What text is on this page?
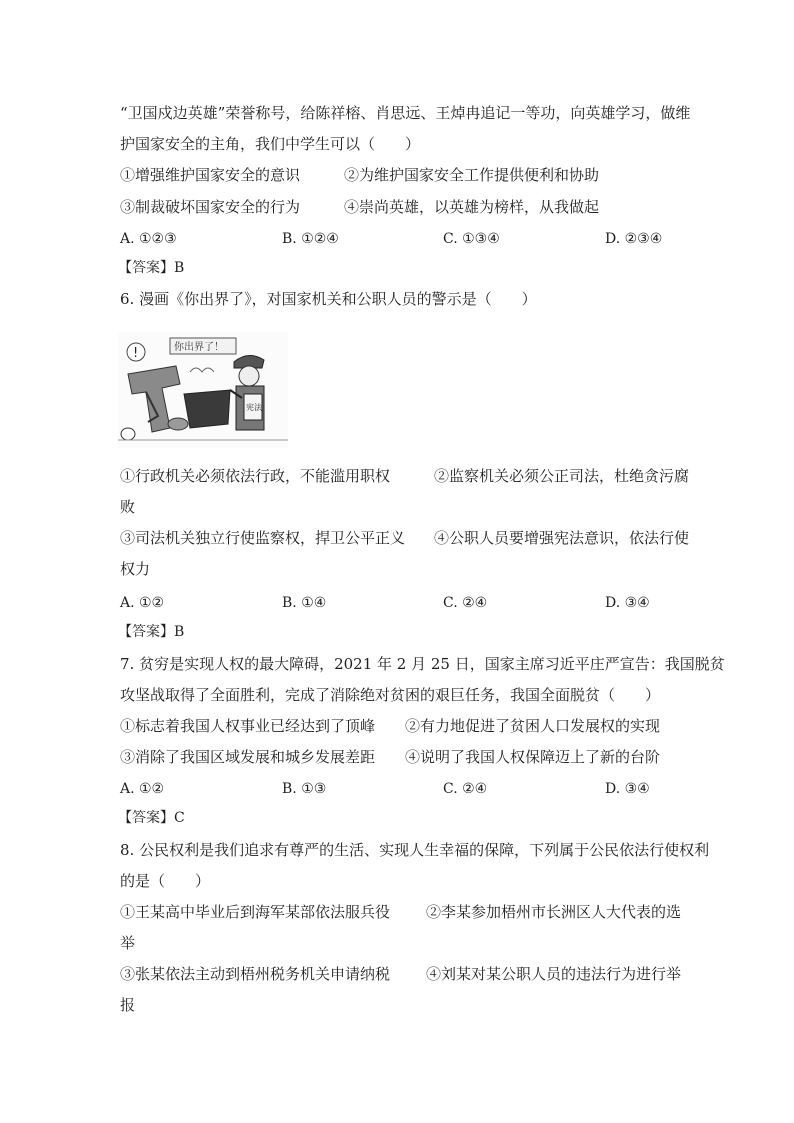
“卫国戍边英雄”荣誉称号，给陈祥榕、肖思远、王焯冉追记一等功，向英雄学习，做维
护国家安全的主角，我们中学生可以（　　）
①增强维护国家安全的意识	②为维护国家安全工作提供便利和协助
③制裁破坏国家安全的行为	④崇尚英雄，以英雄为榜样，从我做起
A. ①②③	B. ①②④	C. ①③④	D. ②③④
【答案】B
6. 漫画《你出界了》，对国家机关和公职人员的警示是（　　）
你出界了！
!
宪法
①行政机关必须依法行政，不能滥用职权	②监察机关必须公正司法，杜绝贪污腐
败
③司法机关独立行使监察权，捍卫公平正义 ④公职人员要增强宪法意识，依法行使
权力
A. ①②	B. ①④	C. ②④	D. ③④
【答案】B
7. 贫穷是实现人权的最大障碍，2021 年 2 月 25 日，国家主席习近平庄严宣告：我国脱贫
攻坚战取得了全面胜利，完成了消除绝对贫困的艰巨任务，我国全面脱贫（　　）
①标志着我国人权事业已经达到了顶峰 ②有力地促进了贫困人口发展权的实现
③消除了我国区域发展和城乡发展差距 ④说明了我国人权保障迈上了新的台阶
A. ①②	B. ①③	C. ②④	D. ③④
【答案】C
8. 公民权利是我们追求有尊严的生活、实现人生幸福的保障，下列属于公民依法行使权利
的是（　　）
①王某高中毕业后到海军某部依法服兵役 ②李某参加梧州市长洲区人大代表的选
举
③张某依法主动到梧州税务机关申请纳税 ④刘某对某公职人员的违法行为进行举
报
